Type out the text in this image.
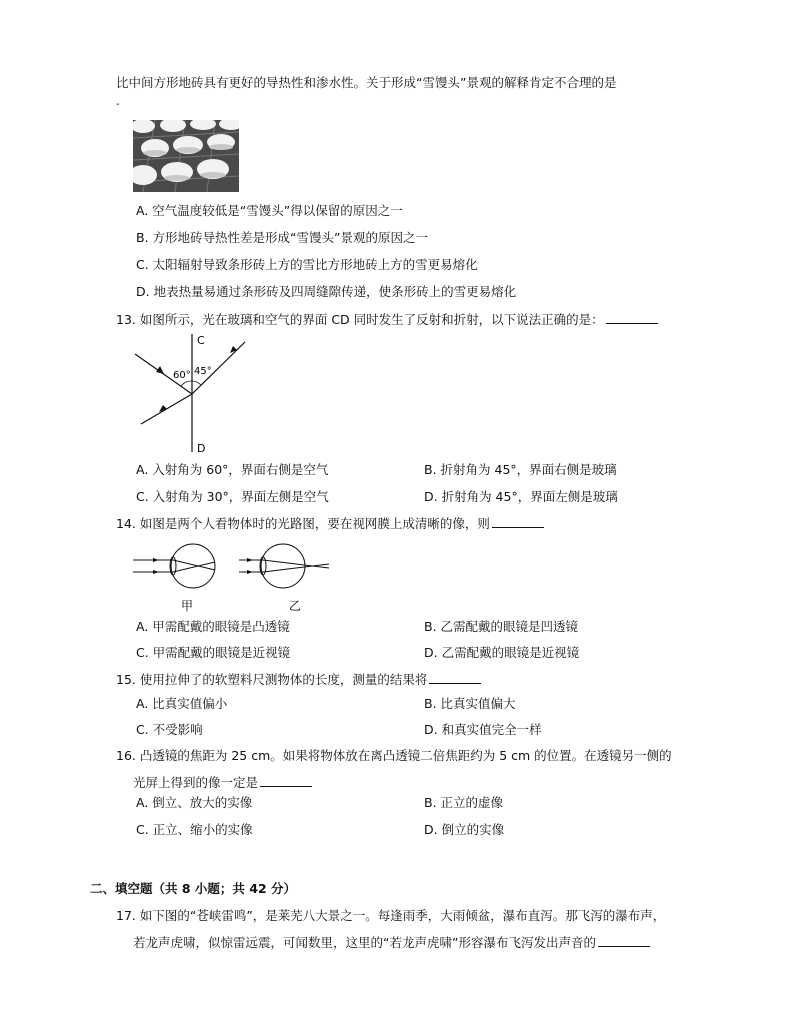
比中间方形地砖具有更好的导热性和渗水性。关于形成“雪馒头”景观的解释肯定不合理的是
-
A. 空气温度较低是“雪馒头”得以保留的原因之一
B. 方形地砖导热性差是形成“雪馒头”景观的原因之一
C. 太阳辐射导致条形砖上方的雪比方形地砖上方的雪更易熔化
D. 地表热量易通过条形砖及四周缝隙传递，使条形砖上的雪更易熔化
13. 如图所示，光在玻璃和空气的界面 CD 同时发生了反射和折射，以下说法正确的是：
C
D
60° 45°
A. 入射角为 60°，界面右侧是空气	B. 折射角为 45°，界面右侧是玻璃
C. 入射角为 30°，界面左侧是空气	D. 折射角为 45°，界面左侧是玻璃
14. 如图是两个人看物体时的光路图，要在视网膜上成清晰的像，则
甲	乙
A. 甲需配戴的眼镜是凸透镜	B. 乙需配戴的眼镜是凹透镜
C. 甲需配戴的眼镜是近视镜	D. 乙需配戴的眼镜是近视镜
15. 使用拉伸了的软塑料尺测物体的长度，测量的结果将
A. 比真实值偏小	B. 比真实值偏大
C. 不受影响	D. 和真实值完全一样
16. 凸透镜的焦距为 25 cm。如果将物体放在离凸透镜二倍焦距约为 5 cm 的位置。在透镜另一侧的
光屏上得到的像一定是
A. 倒立、放大的实像	B. 正立的虚像
C. 正立、缩小的实像	D. 倒立的实像
二、填空题（共 8 小题；共 42 分）
17. 如下图的“苍峡雷鸣”，是莱芜八大景之一。每逢雨季，大雨倾盆，瀑布直泻。那飞泻的瀑布声，
若龙声虎啸，似惊雷远震，可闻数里，这里的“若龙声虎啸”形容瀑布飞泻发出声音的
